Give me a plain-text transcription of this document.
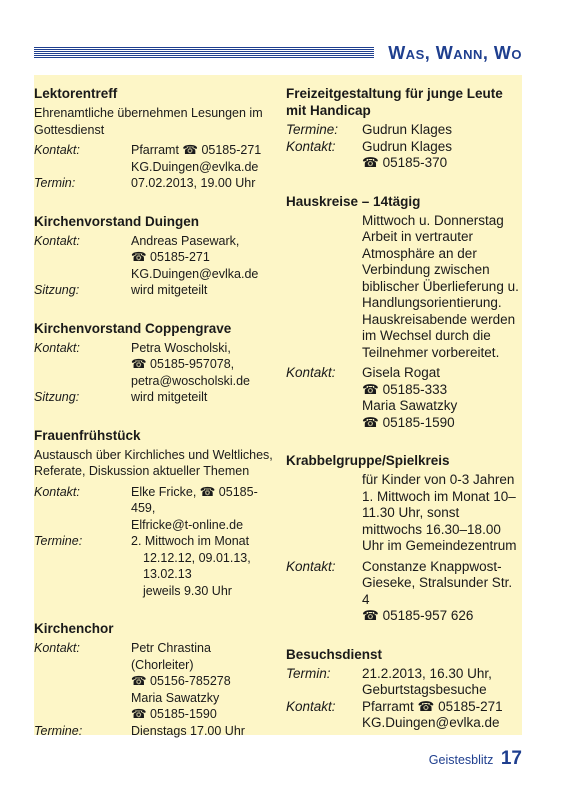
Was, Wann, Wo
Lektorentreff
Ehrenamtliche übernehmen Lesungen im Gottesdienst
Kontakt:	Pfarramt ☎ 05185-271
KG.Duingen@evlka.de
Termin:	07.02.2013, 19.00 Uhr
Kirchenvorstand Duingen
Kontakt:	Andreas Pasewark,
☎ 05185-271
KG.Duingen@evlka.de
Sitzung:	wird mitgeteilt
Kirchenvorstand Coppengrave
Kontakt:	Petra Woscholski,
☎ 05185-957078,
petra@woscholski.de
Sitzung:	wird mitgeteilt
Frauenfrühstück
Austausch über Kirchliches und Weltliches, Referate, Diskussion aktueller Themen
Kontakt:	Elke Fricke, ☎ 05185-459,
Elfricke@t-online.de
Termine:	2. Mittwoch im Monat
12.12.12, 09.01.13,
13.02.13
jeweils 9.30 Uhr
Kirchenchor
Kontakt:	Petr Chrastina
(Chorleiter)
☎ 05156-785278
Maria Sawatzky
☎ 05185-1590
Termine:	Dienstags 17.00 Uhr
Freizeitgestaltung für junge Leute mit Handicap
Termine:	Gudrun Klages
Kontakt:	Gudrun Klages
☎ 05185-370
Hauskreise – 14tägig
Mittwoch u. Donnerstag Arbeit in vertrauter Atmosphäre an der Verbindung zwischen biblischer Überlieferung u. Handlungsorientierung. Hauskreisabende werden im Wechsel durch die Teilnehmer vorbereitet.
Kontakt:	Gisela Rogat
☎ 05185-333
Maria Sawatzky
☎ 05185-1590
Krabbelgruppe/Spielkreis
für Kinder von 0-3 Jahren 1. Mittwoch im Monat 10–11.30 Uhr, sonst mittwochs 16.30–18.00 Uhr im Gemeindezentrum
Kontakt:	Constanze Knappwost-
Gieseke, Stralsunder Str. 4
☎ 05185-957 626
Besuchsdienst
Termin:	21.2.2013, 16.30 Uhr,
Geburtstagsbesuche
Kontakt:	Pfarramt ☎ 05185-271
KG.Duingen@evlka.de
Geistesblitz 17
